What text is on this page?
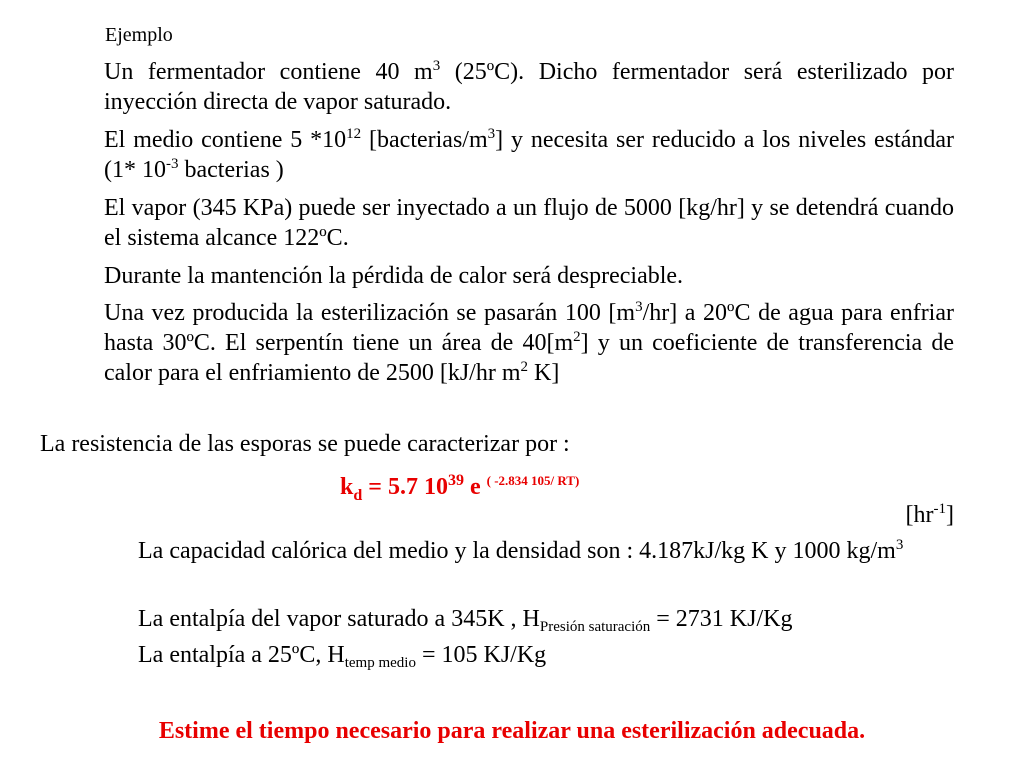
Ejemplo

Un fermentador contiene 40 $m^3$ (25ºC). Dicho fermentador será esterilizado por inyección directa de vapor saturado.

El medio contiene 5 $*10^{12}$ $[bacterias/m^3]$ y necesita ser reducido a los niveles estándar (1* $10^{-3}$ bacterias )

El vapor (345 KPa) puede ser inyectado a un flujo de 5000 [kg/hr] y se detendrá cuando el sistema alcance 122ºC.

Durante la mantención la pérdida de calor será despreciable.

Una vez producida la esterilización se pasarán 100 $[m^3/hr]$ a 20ºC de agua para enfriar hasta 30ºC. El serpentín tiene un área de $40[m^2]$ y un coeficiente de transferencia de calor para el enfriamiento de 2500 [kJ/hr $m^2$ K]

La resistencia de las esporas se puede caracterizar por :

$k_d = 5.7$ $10^{39}$ e $^{( -2.834 105/ RT)}$
$[hr^{-1}]$

La capacidad calórica del medio y la densidad son : 4.187kJ/kg K y 1000 $kg/m^3$

La entalpía del vapor saturado a 345K , $H_{Presión saturación} = 2731$ KJ/Kg

La entalpía a 25ºC, $H_{temp medio} = 105$ KJ/Kg

Estime el tiempo necesario para realizar una esterilización adecuada.
